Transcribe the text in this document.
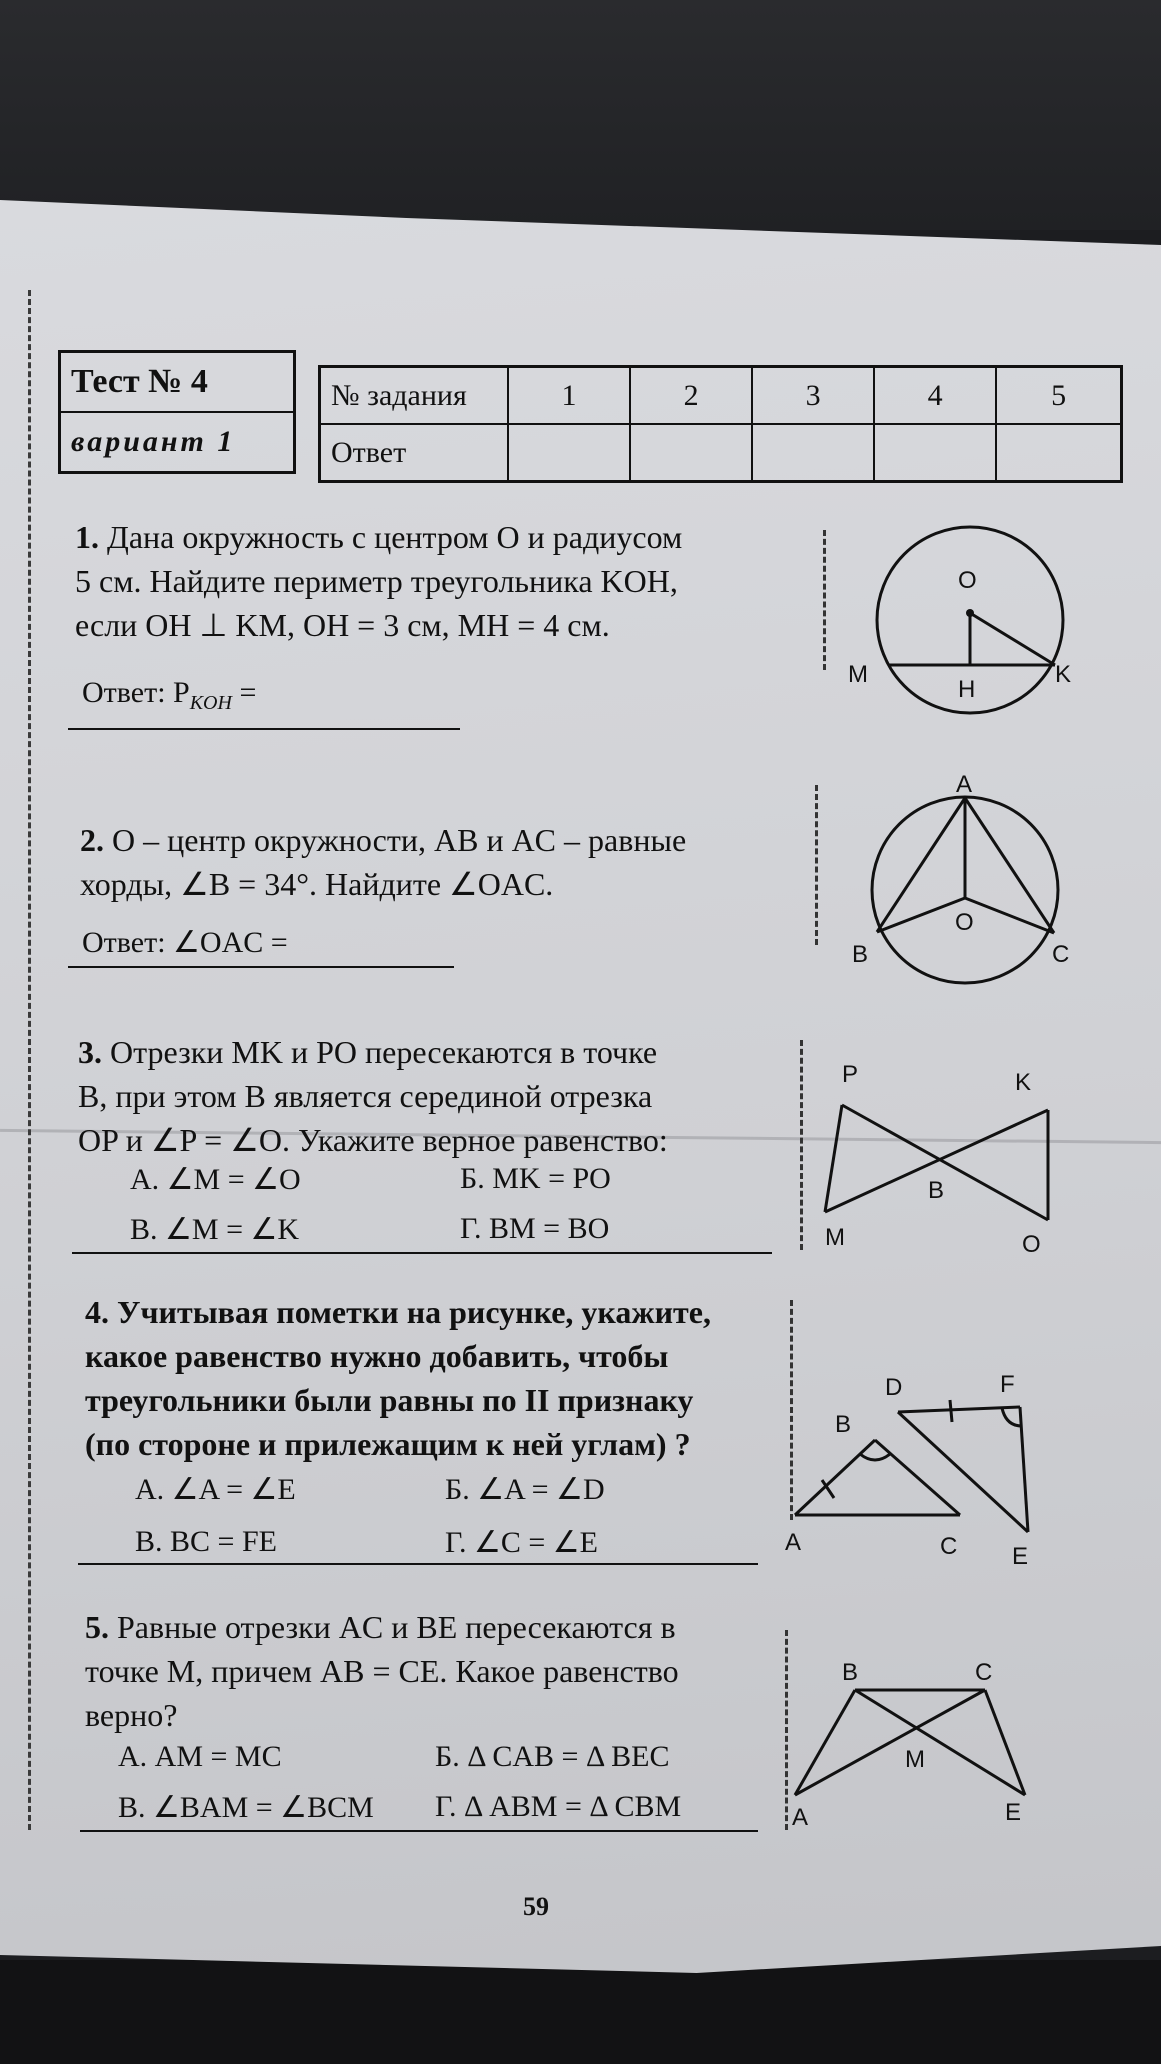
Тест № 4
вариант 1
№ задания	1	2	3	4	5
Ответ					
1. Дана окружность с центром O и радиусом
5 см. Найдите периметр треугольника KOH,
если OH ⊥ KM, OH = 3 см, MH = 4 см.
Ответ: $P_{KOH}$ =
O
M
H
K
2. O – центр окружности, AB и AC – равные
хорды, ∠B = 34°. Найдите ∠OAC.
Ответ: ∠OAC =
A
B	C
O
3. Отрезки MK и PO пересекаются в точке
B, при этом B является серединой отрезка
OP и ∠P = ∠O. Укажите верное равенство:
А. ∠M = ∠O	Б. MK = PO
В. ∠M = ∠K	Г. BM = BO
P	K
B
M	O
4. Учитывая пометки на рисунке, укажите,
какое равенство нужно добавить, чтобы
треугольники были равны по II признаку
(по стороне и прилежащим к ней углам) ?
А. ∠A = ∠E	Б. ∠A = ∠D
В. BC = FE	Г. ∠C = ∠E
D	F
B
A	C E
5. Равные отрезки AC и BE пересекаются в
точке M, причем AB = CE. Какое равенство
верно?
А. AM = MC	Б. Δ CAB = Δ BEC
В. ∠BAM = ∠BCM Г. Δ ABM = Δ CBM
B	C
M
A	E
59
